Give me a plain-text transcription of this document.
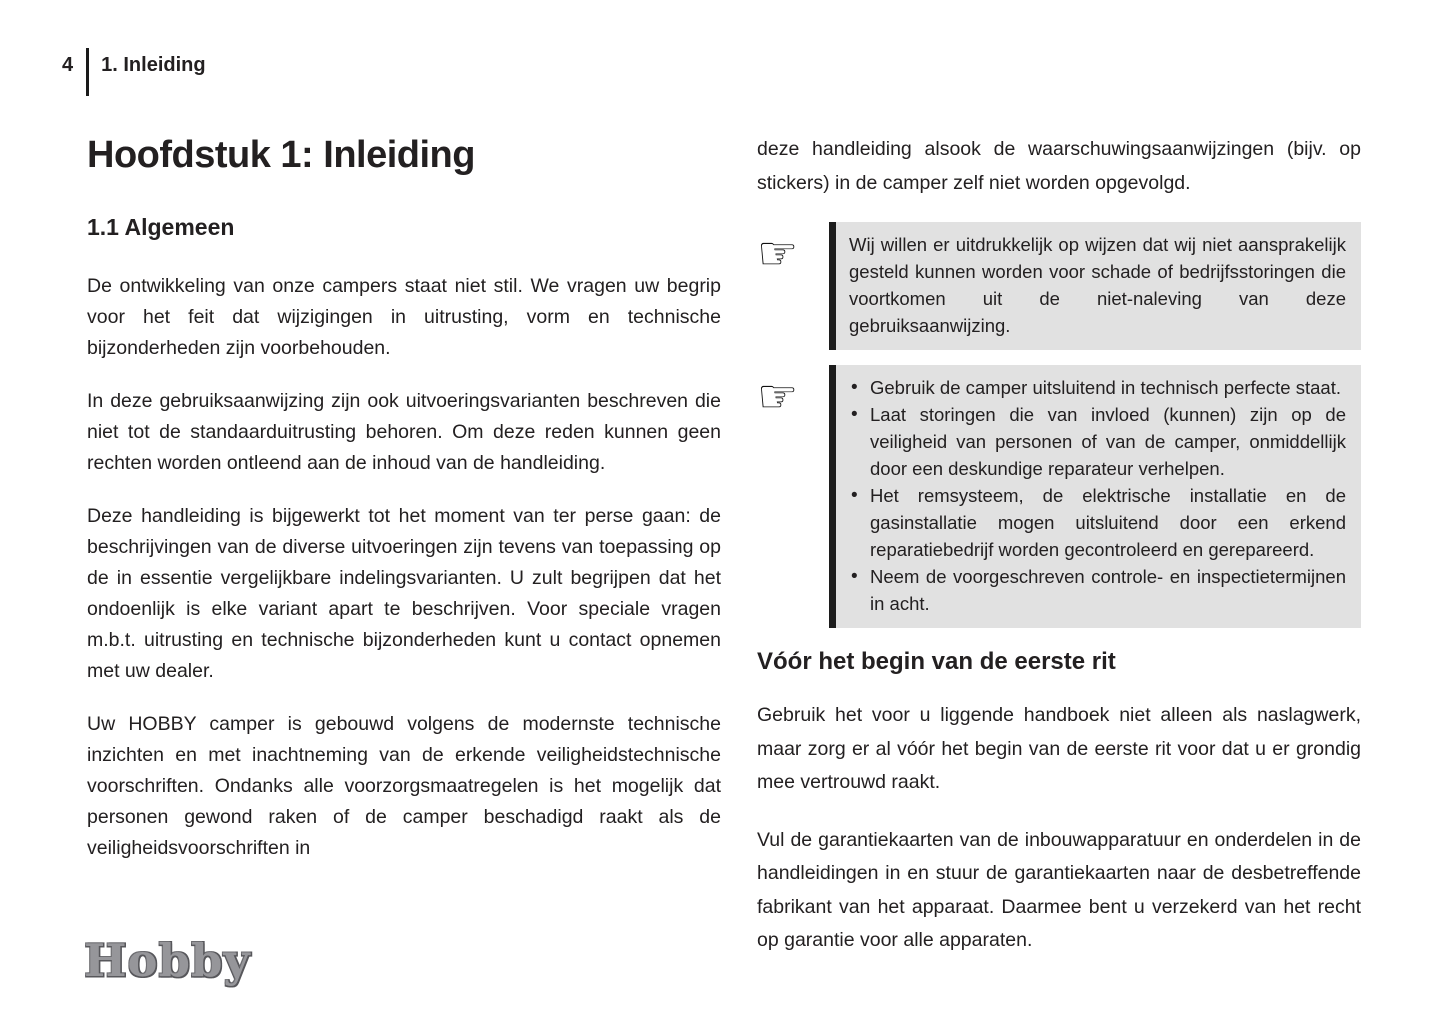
4 1. Inleiding
Hoofdstuk 1: Inleiding
1.1 Algemeen

De ontwikkeling van onze campers staat niet stil. We vragen uw begrip voor het feit dat wijzigingen in uitrusting, vorm en technische bijzonderheden zijn voorbehouden.

In deze gebruiksaanwijzing zijn ook uitvoeringsvarianten beschreven die niet tot de standaarduitrusting behoren. Om deze reden kunnen geen rechten worden ontleend aan de inhoud van de handleiding.

Deze handleiding is bijgewerkt tot het moment van ter perse gaan: de beschrijvingen van de diverse uitvoeringen zijn tevens van toepassing op de in essentie vergelijkbare indelingsvarianten. U zult begrijpen dat het ondoenlijk is elke variant apart te beschrijven. Voor speciale vragen m.b.t. uitrusting en technische bijzonderheden kunt u contact opnemen met uw dealer.

Uw HOBBY camper is gebouwd volgens de modernste technische inzichten en met inachtneming van de erkende veiligheidstechnische voorschriften. Ondanks alle voorzorgsmaatregelen is het mogelijk dat personen gewond raken of de camper beschadigd raakt als de veiligheidsvoorschriften in

deze handleiding alsook de waarschuwingsaanwijzingen (bijv. op stickers) in de camper zelf niet worden opgevolgd.

☞	Wij willen er uitdrukkelijk op wijzen dat wij niet aansprakelijk gesteld kunnen worden voor schade of bedrijfsstoringen die voortkomen uit de niet-naleving van deze gebruiksaanwijzing.

☞	• Gebruik de camper uitsluitend in technisch perfecte staat.
• Laat storingen die van invloed (kunnen) zijn op de veiligheid van personen of van de camper, onmiddellijk door een deskundige reparateur verhelpen.
• Het remsysteem, de elektrische installatie en de gasinstallatie mogen uitsluitend door een erkend reparatiebedrijf worden gecontroleerd en gerepareerd.
• Neem de voorgeschreven controle- en inspectietermijnen in acht.
Vóór het begin van de eerste rit

Gebruik het voor u liggende handboek niet alleen als naslagwerk, maar zorg er al vóór het begin van de eerste rit voor dat u er grondig mee vertrouwd raakt.

Vul de garantiekaarten van de inbouwapparatuur en onderdelen in de handleidingen in en stuur de garantiekaarten naar de desbetreffende fabrikant van het apparaat. Daarmee bent u verzekerd van het recht op garantie voor alle apparaten.

Hobby
